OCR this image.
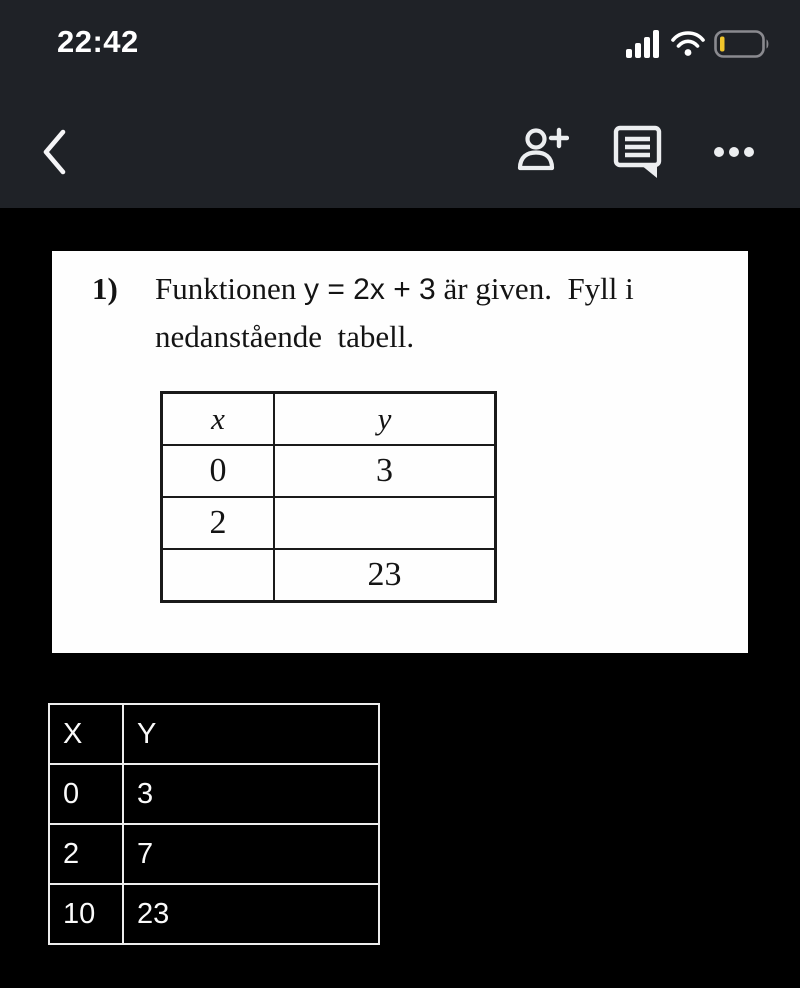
22:42
1)	Funktionen y = 2x + 3 är given.  Fyll i
nedanstående  tabell.
x	y
0	3
2	
	23
X	Y
0	3
2	7
10	23
